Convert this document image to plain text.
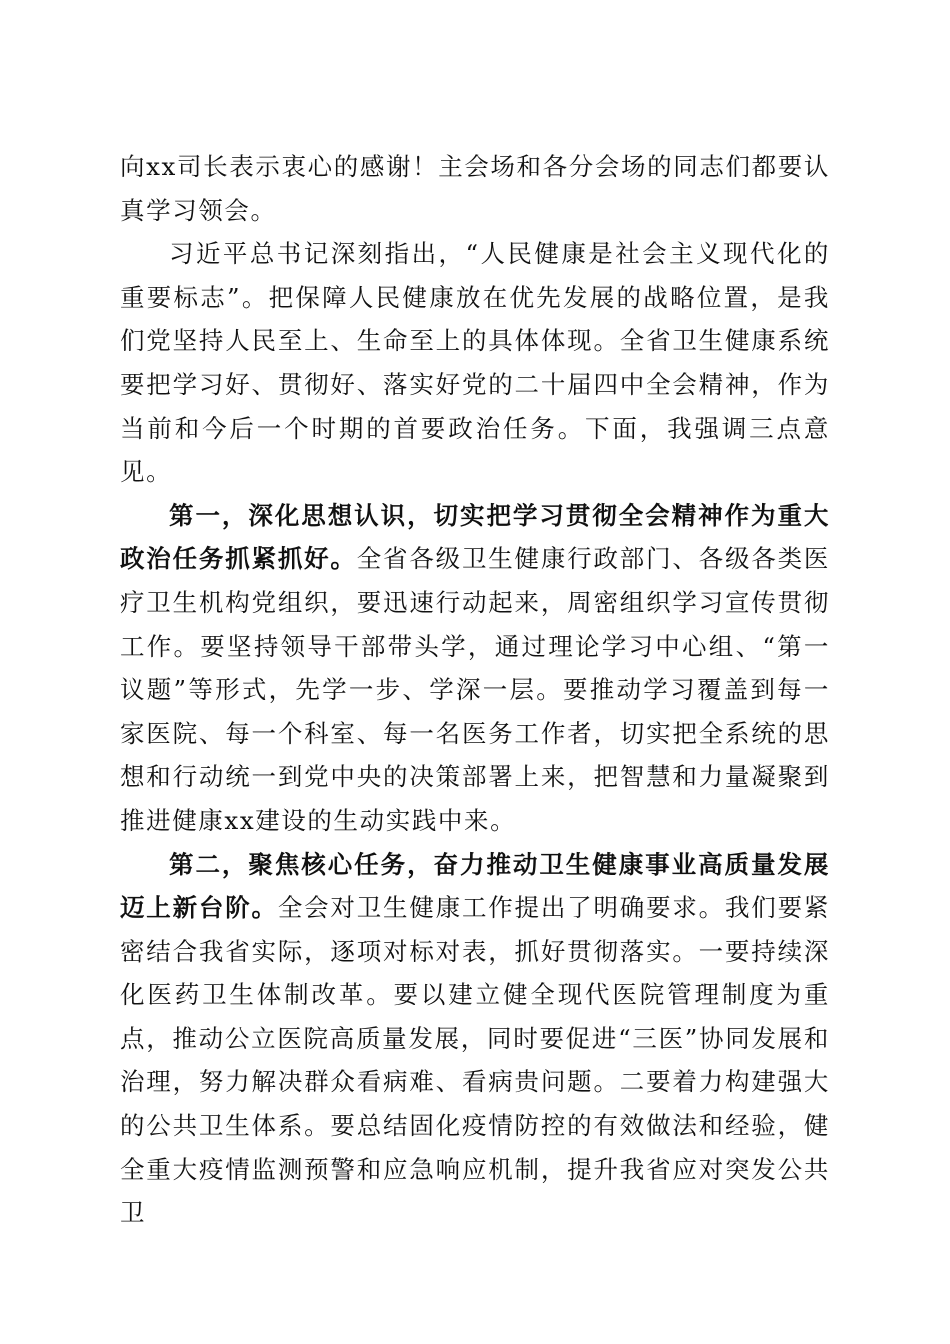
向xx司长表示衷心的感谢！主会场和各分会场的同志们都要认真学习领会。

习近平总书记深刻指出，“人民健康是社会主义现代化的重要标志”。把保障人民健康放在优先发展的战略位置，是我们党坚持人民至上、生命至上的具体体现。全省卫生健康系统要把学习好、贯彻好、落实好党的二十届四中全会精神，作为当前和今后一个时期的首要政治任务。下面，我强调三点意见。

第一，深化思想认识，切实把学习贯彻全会精神作为重大政治任务抓紧抓好。全省各级卫生健康行政部门、各级各类医疗卫生机构党组织，要迅速行动起来，周密组织学习宣传贯彻工作。要坚持领导干部带头学，通过理论学习中心组、“第一议题”等形式，先学一步、学深一层。要推动学习覆盖到每一家医院、每一个科室、每一名医务工作者，切实把全系统的思想和行动统一到党中央的决策部署上来，把智慧和力量凝聚到推进健康xx建设的生动实践中来。

第二，聚焦核心任务，奋力推动卫生健康事业高质量发展迈上新台阶。全会对卫生健康工作提出了明确要求。我们要紧密结合我省实际，逐项对标对表，抓好贯彻落实。一要持续深化医药卫生体制改革。要以建立健全现代医院管理制度为重点，推动公立医院高质量发展，同时要促进“三医”协同发展和治理，努力解决群众看病难、看病贵问题。二要着力构建强大的公共卫生体系。要总结固化疫情防控的有效做法和经验，健全重大疫情监测预警和应急响应机制，提升我省应对突发公共卫
